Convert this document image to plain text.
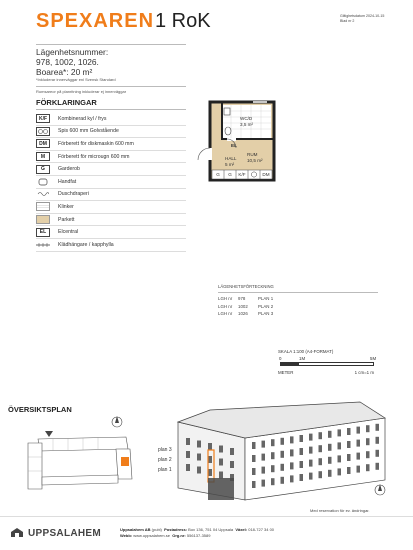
SPEXAREN 1 RoK	Giltighetsdatum 2024-10-15
Blad nr 2
Lägenhetsnummer:
978, 1002, 1026.
Boarea*: 20 m²
*Inkluderar innerväggar enl Svensk Standard
Rumsareor på planritning inkluderar ej innerväggar
FÖRKLARINGAR
K/F Kombinerad kyl / frys
Spis 600 mm Golvstående
DM Förberett för diskmaskin 600 mm
M Förberett för microugn 600 mm
G	Garderob
Handfat
Duschdraperi
Klinker
Parkett
EL Elcentral
Klädhängare / kapphylla
WC/D
3,5 m²
RUM
10,5 m²
HALL
5 m²
EL
G	G	K/F	DM
LÄGENHETSFÖRTECKNING
LGH nr	978	PLAN 1
LGH nr	1002	PLAN 2
LGH nr	1026	PLAN 3
SKALA 1:100 (A4-FORMAT)
0	1M	5M
METER	1 cm=1 m
ÖVERSIKTSPLAN
plan 3
plan 2
plan 1
Med reservation för ev. ändringar.
UPPSALAHEM	Uppsalahem AB (publ) Postadress: Box 136, 751 04 Uppsala Växel: 018-727 34 00
Webb: www.uppsalahem.se Org.nr: 556137-3589
